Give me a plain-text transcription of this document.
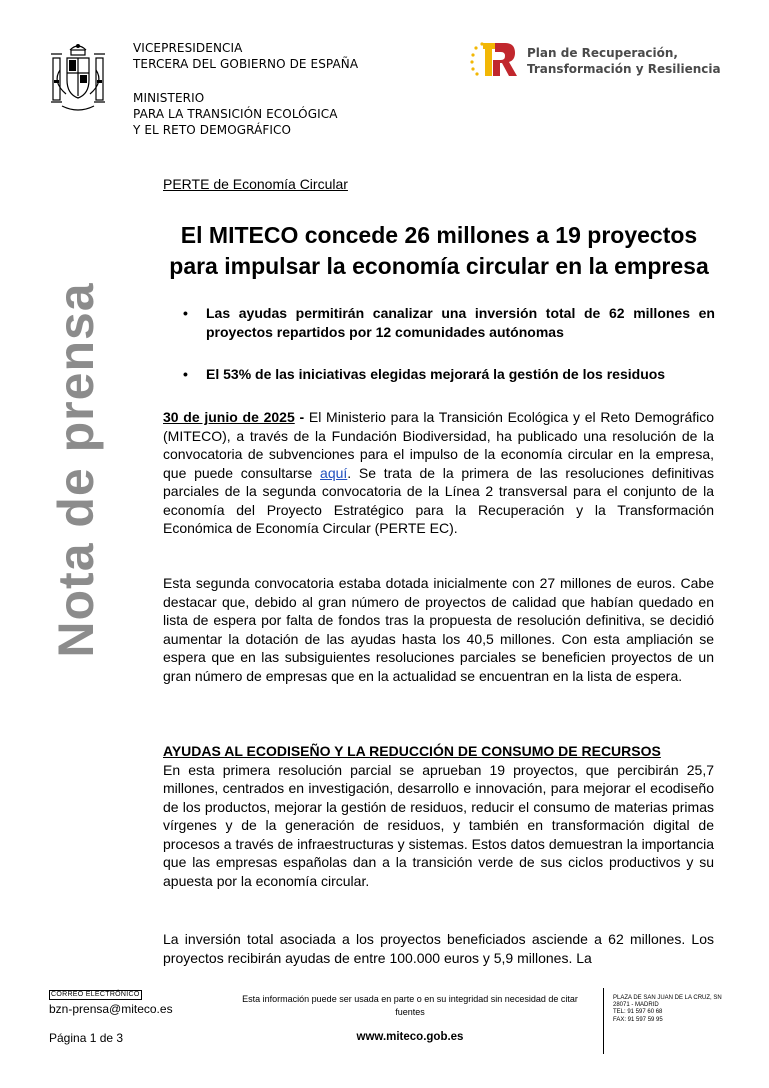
VICEPRESIDENCIA
TERCERA DEL GOBIERNO DE ESPAÑA
MINISTERIO
PARA LA TRANSICIÓN ECOLÓGICA
Y EL RETO DEMOGRÁFICO
Plan de Recuperación,
Transformación y Resiliencia
Nota de prensa
PERTE de Economía Circular
El MITECO concede 26 millones a 19 proyectos
para impulsar la economía circular en la empresa
• Las ayudas permitirán canalizar una inversión total de 62 millones en proyectos repartidos por 12 comunidades autónomas
• El 53% de las iniciativas elegidas mejorará la gestión de los residuos
30 de junio de 2025 - El Ministerio para la Transición Ecológica y el Reto Demográfico (MITECO), a través de la Fundación Biodiversidad, ha publicado una resolución de la convocatoria de subvenciones para el impulso de la economía circular en la empresa, que puede consultarse aquí. Se trata de la primera de las resoluciones definitivas parciales de la segunda convocatoria de la Línea 2 transversal para el conjunto de la economía del Proyecto Estratégico para la Recuperación y la Transformación Económica de Economía Circular (PERTE EC).
Esta segunda convocatoria estaba dotada inicialmente con 27 millones de euros. Cabe destacar que, debido al gran número de proyectos de calidad que habían quedado en lista de espera por falta de fondos tras la propuesta de resolución definitiva, se decidió aumentar la dotación de las ayudas hasta los 40,5 millones. Con esta ampliación se espera que en las subsiguientes resoluciones parciales se beneficien proyectos de un gran número de empresas que en la actualidad se encuentran en la lista de espera.
AYUDAS AL ECODISEÑO Y LA REDUCCIÓN DE CONSUMO DE RECURSOS
En esta primera resolución parcial se aprueban 19 proyectos, que percibirán 25,7 millones, centrados en investigación, desarrollo e innovación, para mejorar el ecodiseño de los productos, mejorar la gestión de residuos, reducir el consumo de materias primas vírgenes y de la generación de residuos, y también en transformación digital de procesos a través de infraestructuras y sistemas. Estos datos demuestran la importancia que las empresas españolas dan a la transición verde de sus ciclos productivos y su apuesta por la economía circular.
La inversión total asociada a los proyectos beneficiados asciende a 62 millones. Los proyectos recibirán ayudas de entre 100.000 euros y 5,9 millones. La
CORREO ELECTRÓNICO
bzn-prensa@miteco.es
Página 1 de 3
Esta información puede ser usada en parte o en su integridad sin necesidad de citar fuentes
www.miteco.gob.es
PLAZA DE SAN JUAN DE LA CRUZ, SN
28071 - MADRID
TEL: 91 597 60 68
FAX: 91 597 59 95
